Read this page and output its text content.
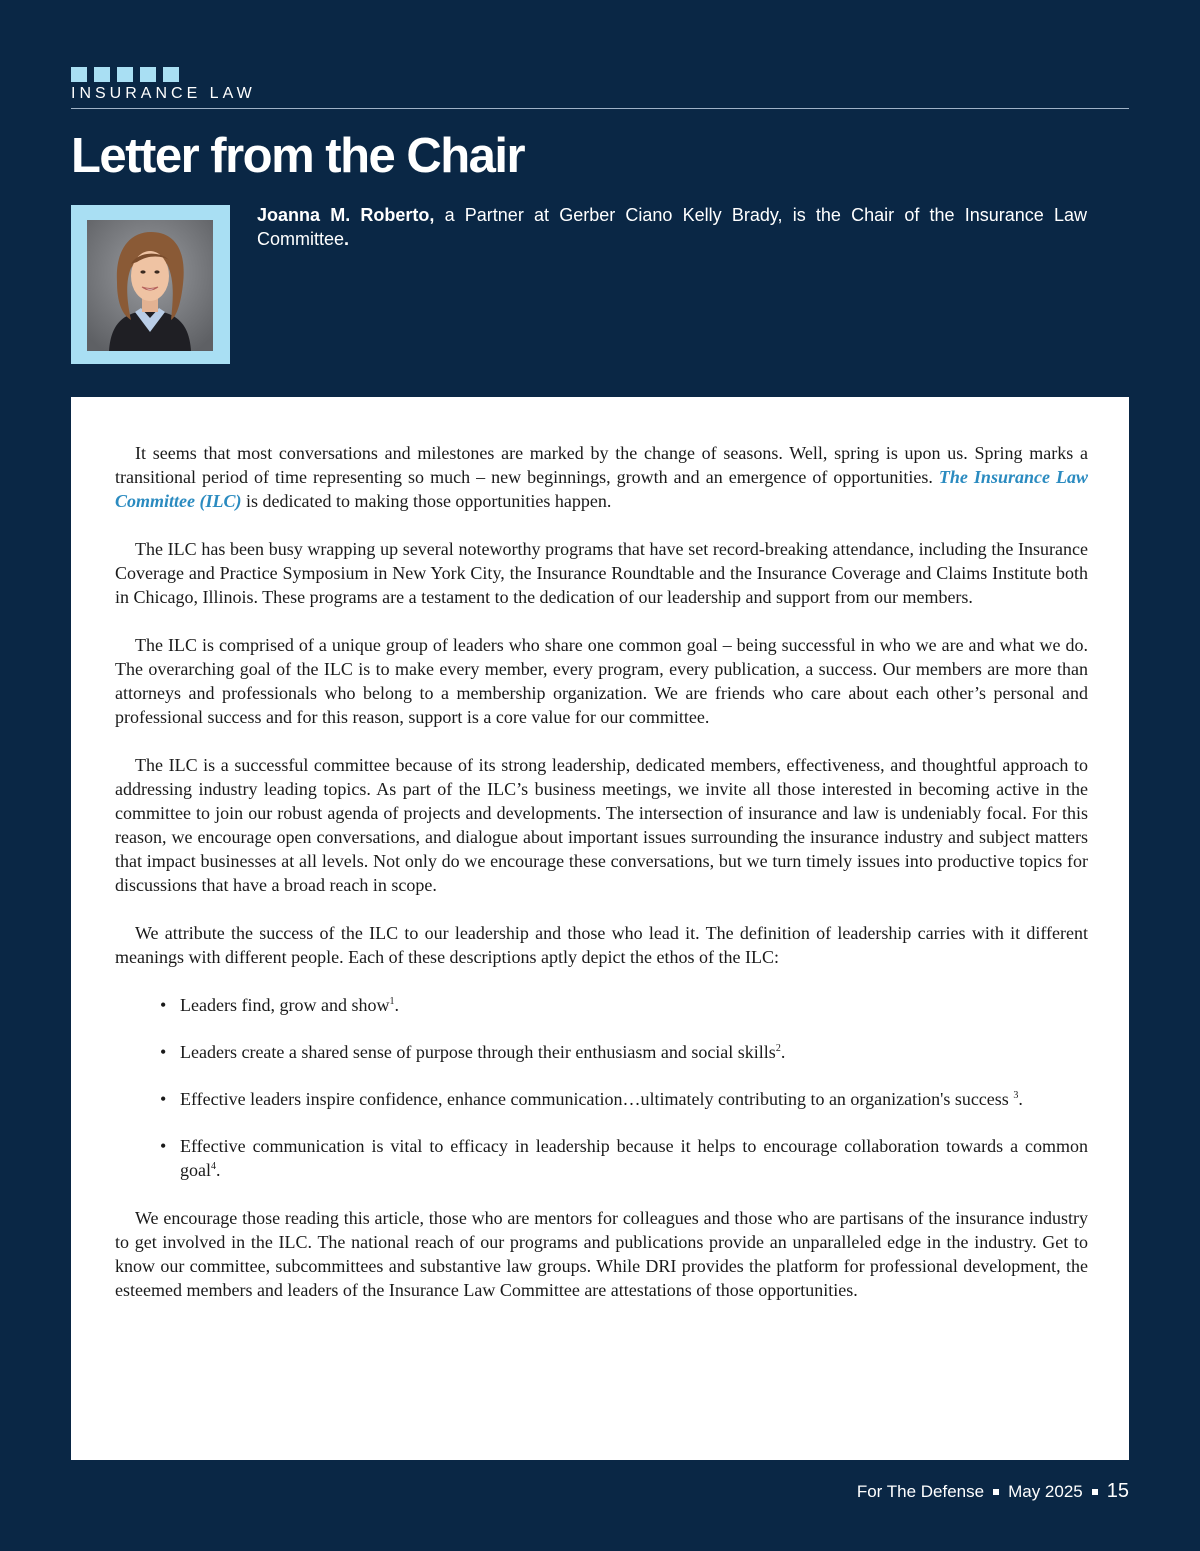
INSURANCE LAW
Letter from the Chair

Joanna M. Roberto, a Partner at Gerber Ciano Kelly Brady, is the Chair of the Insurance Law Committee.

It seems that most conversations and milestones are marked by the change of seasons. Well, spring is upon us. Spring marks a transitional period of time representing so much – new beginnings, growth and an emergence of opportunities. The Insurance Law Committee (ILC) is dedicated to making those opportunities happen.

The ILC has been busy wrapping up several noteworthy programs that have set record-breaking attendance, including the Insurance Coverage and Practice Symposium in New York City, the Insurance Roundtable and the Insurance Coverage and Claims Institute both in Chicago, Illinois. These programs are a testament to the dedication of our leadership and support from our members.

The ILC is comprised of a unique group of leaders who share one common goal – being successful in who we are and what we do. The overarching goal of the ILC is to make every member, every program, every publication, a success. Our members are more than attorneys and professionals who belong to a membership organization. We are friends who care about each other’s personal and professional success and for this reason, support is a core value for our committee.

The ILC is a successful committee because of its strong leadership, dedicated members, effectiveness, and thoughtful approach to addressing industry leading topics. As part of the ILC’s business meetings, we invite all those interested in becoming active in the committee to join our robust agenda of projects and developments. The intersection of insurance and law is undeniably focal. For this reason, we encourage open conversations, and dialogue about important issues surrounding the insurance industry and subject matters that impact businesses at all levels. Not only do we encourage these conversations, but we turn timely issues into productive topics for discussions that have a broad reach in scope.

We attribute the success of the ILC to our leadership and those who lead it. The definition of leadership carries with it different meanings with different people. Each of these descriptions aptly depict the ethos of the ILC:

• Leaders find, grow and show$^1$.
• Leaders create a shared sense of purpose through their enthusiasm and social skills$^2$.
• Effective leaders inspire confidence, enhance communication…ultimately contributing to an organization's success $^3$.
• Effective communication is vital to efficacy in leadership because it helps to encourage collaboration towards a common goal$^4$.

We encourage those reading this article, those who are mentors for colleagues and those who are partisans of the insurance industry to get involved in the ILC. The national reach of our programs and publications provide an unparalleled edge in the industry. Get to know our committee, subcommittees and substantive law groups. While DRI provides the platform for professional development, the esteemed members and leaders of the Insurance Law Committee are attestations of those opportunities.

For The Defense May 2025 15
